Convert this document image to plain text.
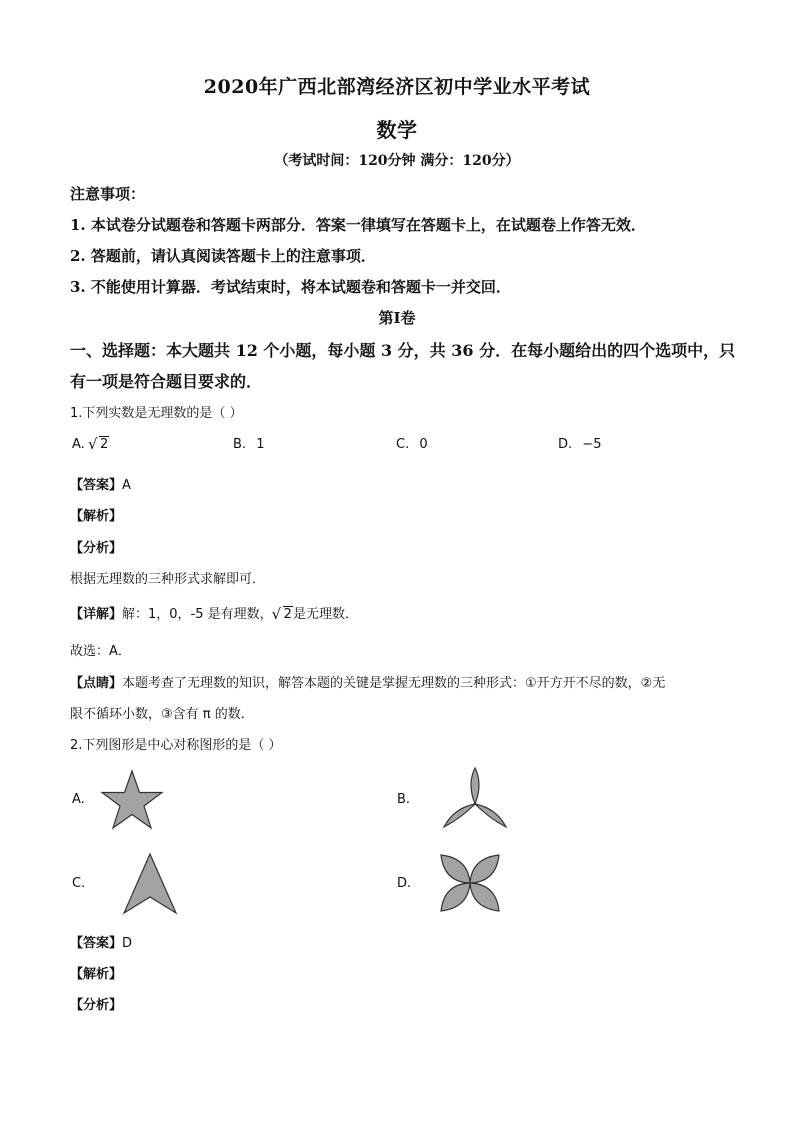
2020年广西北部湾经济区初中学业水平考试
数学
（考试时间：120分钟 满分：120分）
注意事项：
1. 本试卷分试题卷和答题卡两部分．答案一律填写在答题卡上，在试题卷上作答无效．
2. 答题前，请认真阅读答题卡上的注意事项．
3. 不能使用计算器．考试结束时，将本试题卷和答题卡一并交回．
第Ⅰ卷
一、选择题：本大题共 12 个小题，每小题 3 分，共 36 分．在每小题给出的四个选项中，只
有一项是符合题目要求的．
1.下列实数是无理数的是（ ）
A. √ 2	B. 1	C. 0	D. −5
【答案】A
【解析】
【分析】
根据无理数的三种形式求解即可．
【详解】解：1，0，-5 是有理数， √ 2是无理数．
故选：A．
【点睛】本题考查了无理数的知识，解答本题的关键是掌握无理数的三种形式：①开方开不尽的数，②无
限不循环小数，③含有 π 的数．
2.下列图形是中心对称图形的是（ ）
A.	B.
C.	D.
【答案】D
【解析】
【分析】
